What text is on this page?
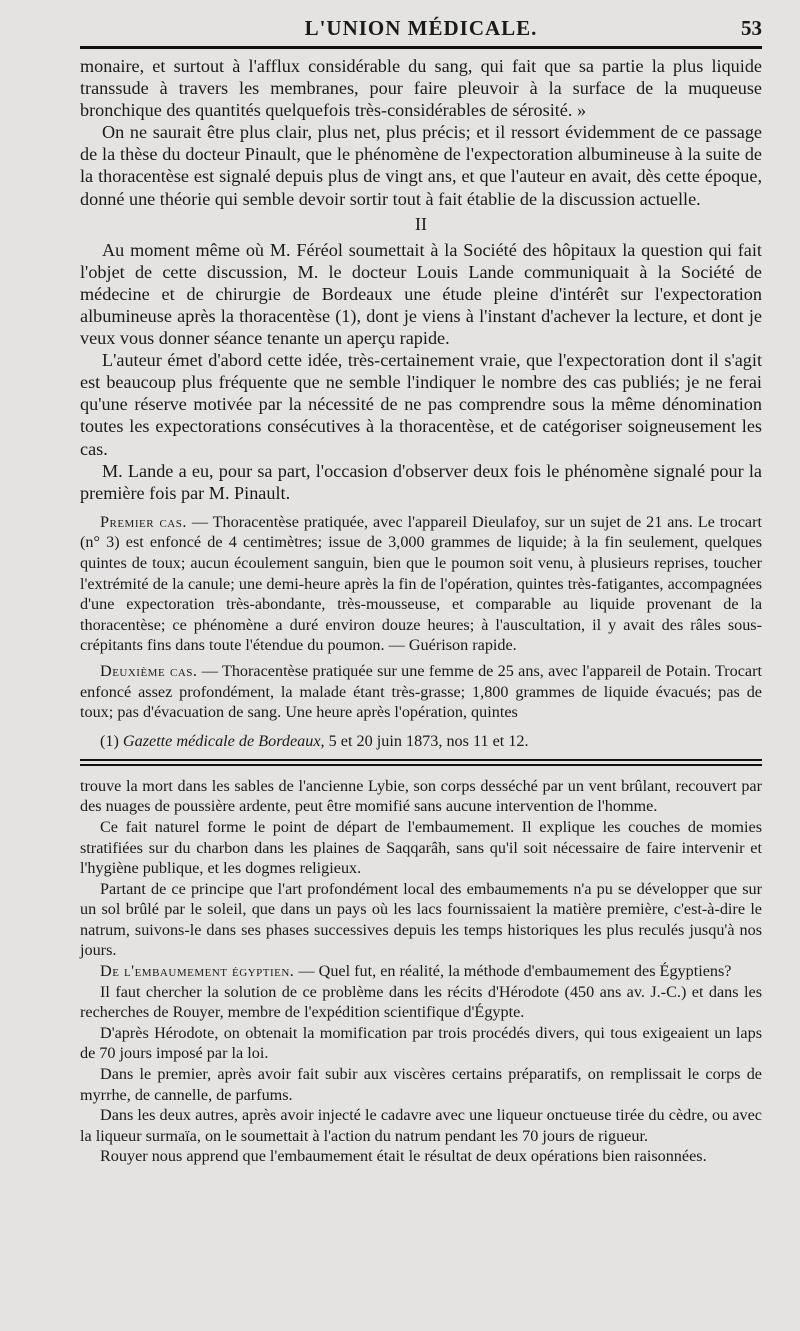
L'UNION MÉDICALE.	53

monaire, et surtout à l'afflux considérable du sang, qui fait que sa partie la plus liquide transsude à travers les membranes, pour faire pleuvoir à la surface de la muqueuse bronchique des quantités quelquefois très-considérables de sérosité. »

On ne saurait être plus clair, plus net, plus précis; et il ressort évidemment de ce passage de la thèse du docteur Pinault, que le phénomène de l'expectoration albumineuse à la suite de la thoracentèse est signalé depuis plus de vingt ans, et que l'auteur en avait, dès cette époque, donné une théorie qui semble devoir sortir tout à fait établie de la discussion actuelle.

II

Au moment même où M. Féréol soumettait à la Société des hôpitaux la question qui fait l'objet de cette discussion, M. le docteur Louis Lande communiquait à la Société de médecine et de chirurgie de Bordeaux une étude pleine d'intérêt sur l'expectoration albumineuse après la thoracentèse (1), dont je viens à l'instant d'achever la lecture, et dont je veux vous donner séance tenante un aperçu rapide.

L'auteur émet d'abord cette idée, très-certainement vraie, que l'expectoration dont il s'agit est beaucoup plus fréquente que ne semble l'indiquer le nombre des cas publiés; je ne ferai qu'une réserve motivée par la nécessité de ne pas comprendre sous la même dénomination toutes les expectorations consécutives à la thoracentèse, et de catégoriser soigneusement les cas.

M. Lande a eu, pour sa part, l'occasion d'observer deux fois le phénomène signalé pour la première fois par M. Pinault.

Premier cas. — Thoracentèse pratiquée, avec l'appareil Dieulafoy, sur un sujet de 21 ans. Le trocart (n° 3) est enfoncé de 4 centimètres; issue de 3,000 grammes de liquide; à la fin seulement, quelques quintes de toux; aucun écoulement sanguin, bien que le poumon soit venu, à plusieurs reprises, toucher l'extrémité de la canule; une demi-heure après la fin de l'opération, quintes très-fatigantes, accompagnées d'une expectoration très-abondante, très-mousseuse, et comparable au liquide provenant de la thoracentèse; ce phénomène a duré environ douze heures; à l'auscultation, il y avait des râles sous-crépitants fins dans toute l'étendue du poumon. — Guérison rapide.

Deuxième cas. — Thoracentèse pratiquée sur une femme de 25 ans, avec l'appareil de Potain. Trocart enfoncé assez profondément, la malade étant très-grasse; 1,800 grammes de liquide évacués; pas de toux; pas d'évacuation de sang. Une heure après l'opération, quintes

(1) Gazette médicale de Bordeaux, 5 et 20 juin 1873, nos 11 et 12.

trouve la mort dans les sables de l'ancienne Lybie, son corps desséché par un vent brûlant, recouvert par des nuages de poussière ardente, peut être momifié sans aucune intervention de l'homme.

Ce fait naturel forme le point de départ de l'embaumement. Il explique les couches de momies stratifiées sur du charbon dans les plaines de Saqqarâh, sans qu'il soit nécessaire de faire intervenir et l'hygiène publique, et les dogmes religieux.

Partant de ce principe que l'art profondément local des embaumements n'a pu se développer que sur un sol brûlé par le soleil, que dans un pays où les lacs fournissaient la matière première, c'est-à-dire le natrum, suivons-le dans ses phases successives depuis les temps historiques les plus reculés jusqu'à nos jours.

De l'embaumement égyptien. — Quel fut, en réalité, la méthode d'embaumement des Égyptiens?

Il faut chercher la solution de ce problème dans les récits d'Hérodote (450 ans av. J.-C.) et dans les recherches de Rouyer, membre de l'expédition scientifique d'Égypte.

D'après Hérodote, on obtenait la momification par trois procédés divers, qui tous exigeaient un laps de 70 jours imposé par la loi.

Dans le premier, après avoir fait subir aux viscères certains préparatifs, on remplissait le corps de myrrhe, de cannelle, de parfums.

Dans les deux autres, après avoir injecté le cadavre avec une liqueur onctueuse tirée du cèdre, ou avec la liqueur surmaïa, on le soumettait à l'action du natrum pendant les 70 jours de rigueur.

Rouyer nous apprend que l'embaumement était le résultat de deux opérations bien raisonnées.
